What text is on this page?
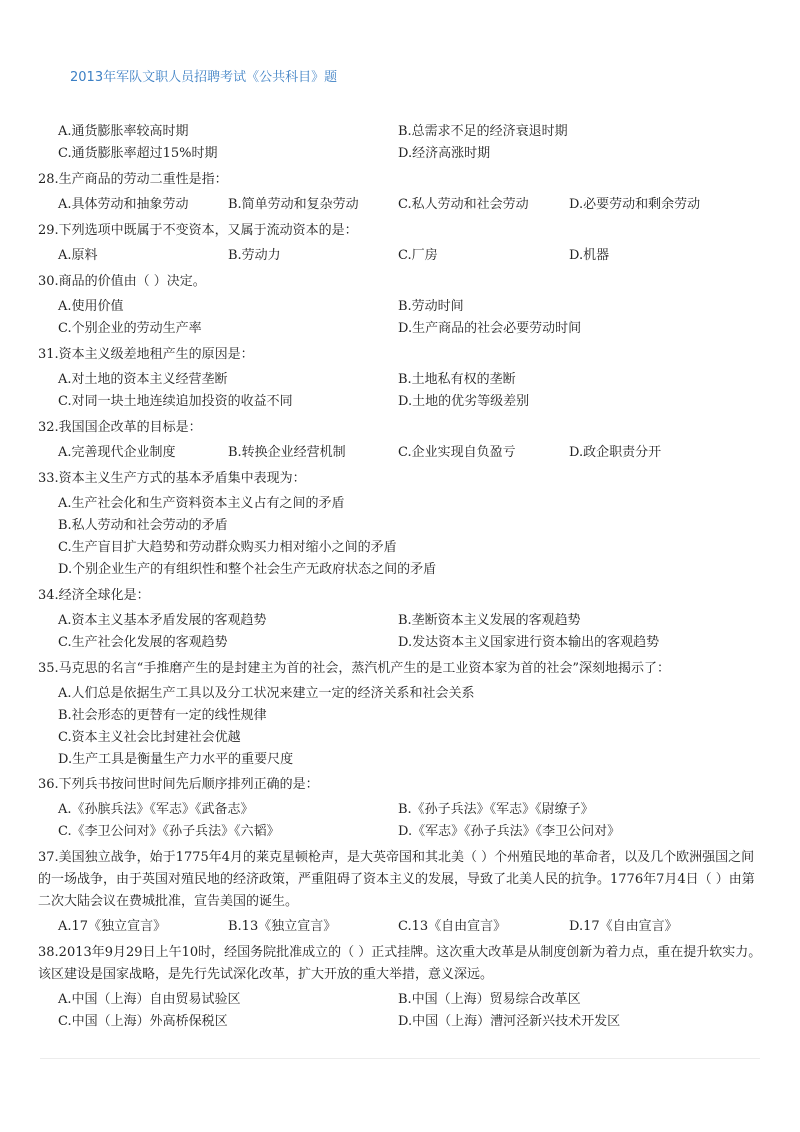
2013年军队文职人员招聘考试《公共科目》题
A.通货膨胀率较高时期	B.总需求不足的经济衰退时期
C.通货膨胀率超过15%时期	D.经济高涨时期
28.生产商品的劳动二重性是指：
A.具体劳动和抽象劳动	B.简单劳动和复杂劳动	C.私人劳动和社会劳动	D.必要劳动和剩余劳动
29.下列选项中既属于不变资本，又属于流动资本的是：
A.原料	B.劳动力	C.厂房	D.机器
30.商品的价值由（ ）决定。
A.使用价值	B.劳动时间
C.个别企业的劳动生产率	D.生产商品的社会必要劳动时间
31.资本主义级差地租产生的原因是：
A.对土地的资本主义经营垄断	B.土地私有权的垄断
C.对同一块土地连续追加投资的收益不同	D.土地的优劣等级差别
32.我国国企改革的目标是：
A.完善现代企业制度	B.转换企业经营机制	C.企业实现自负盈亏	D.政企职责分开
33.资本主义生产方式的基本矛盾集中表现为：
A.生产社会化和生产资料资本主义占有之间的矛盾
B.私人劳动和社会劳动的矛盾
C.生产盲目扩大趋势和劳动群众购买力相对缩小之间的矛盾
D.个别企业生产的有组织性和整个社会生产无政府状态之间的矛盾
34.经济全球化是：
A.资本主义基本矛盾发展的客观趋势	B.垄断资本主义发展的客观趋势
C.生产社会化发展的客观趋势	D.发达资本主义国家进行资本输出的客观趋势
35.马克思的名言“手推磨产生的是封建主为首的社会，蒸汽机产生的是工业资本家为首的社会”深刻地揭示了：
A.人们总是依据生产工具以及分工状况来建立一定的经济关系和社会关系
B.社会形态的更替有一定的线性规律
C.资本主义社会比封建社会优越
D.生产工具是衡量生产力水平的重要尺度
36.下列兵书按问世时间先后顺序排列正确的是：
A.《孙膑兵法》《军志》《武备志》	B.《孙子兵法》《军志》《尉缭子》
C.《李卫公问对》《孙子兵法》《六韬》	D.《军志》《孙子兵法》《李卫公问对》
37.美国独立战争，始于1775年4月的莱克星顿枪声，是大英帝国和其北美（ ）个州殖民地的革命者，以及几个欧洲强国之间的一场战争，由于英国对殖民地的经济政策，严重阻碍了资本主义的发展，导致了北美人民的抗争。1776年7月4日（ ）由第二次大陆会议在费城批准，宣告美国的诞生。
A.17《独立宣言》	B.13《独立宣言》	C.13《自由宣言》	D.17《自由宣言》
38.2013年9月29日上午10时，经国务院批准成立的（ ）正式挂牌。这次重大改革是从制度创新为着力点，重在提升软实力。该区建设是国家战略，是先行先试深化改革，扩大开放的重大举措，意义深远。
A.中国（上海）自由贸易试验区	B.中国（上海）贸易综合改革区
C.中国（上海）外高桥保税区	D.中国（上海）漕河泾新兴技术开发区
